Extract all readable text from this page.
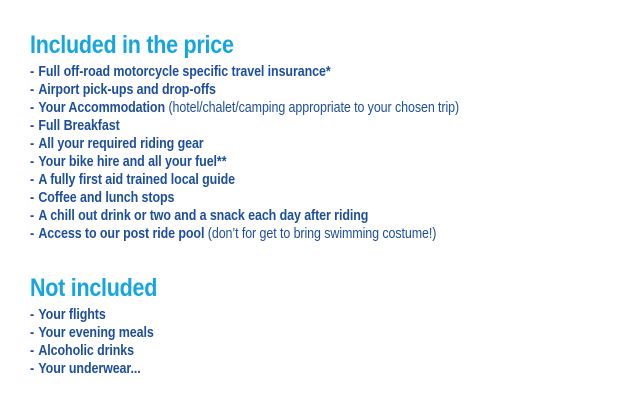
Included in the price
- Full off-road motorcycle specific travel insurance*
- Airport pick-ups and drop-offs
- Your Accommodation (hotel/chalet/camping appropriate to your chosen trip)
- Full Breakfast
- All your required riding gear
- Your bike hire and all your fuel**
- A fully first aid trained local guide
- Coffee and lunch stops
- A chill out drink or two and a snack each day after riding
- Access to our post ride pool (don’t for get to bring swimming costume!)
Not included
- Your flights
- Your evening meals
- Alcoholic drinks
- Your underwear...
